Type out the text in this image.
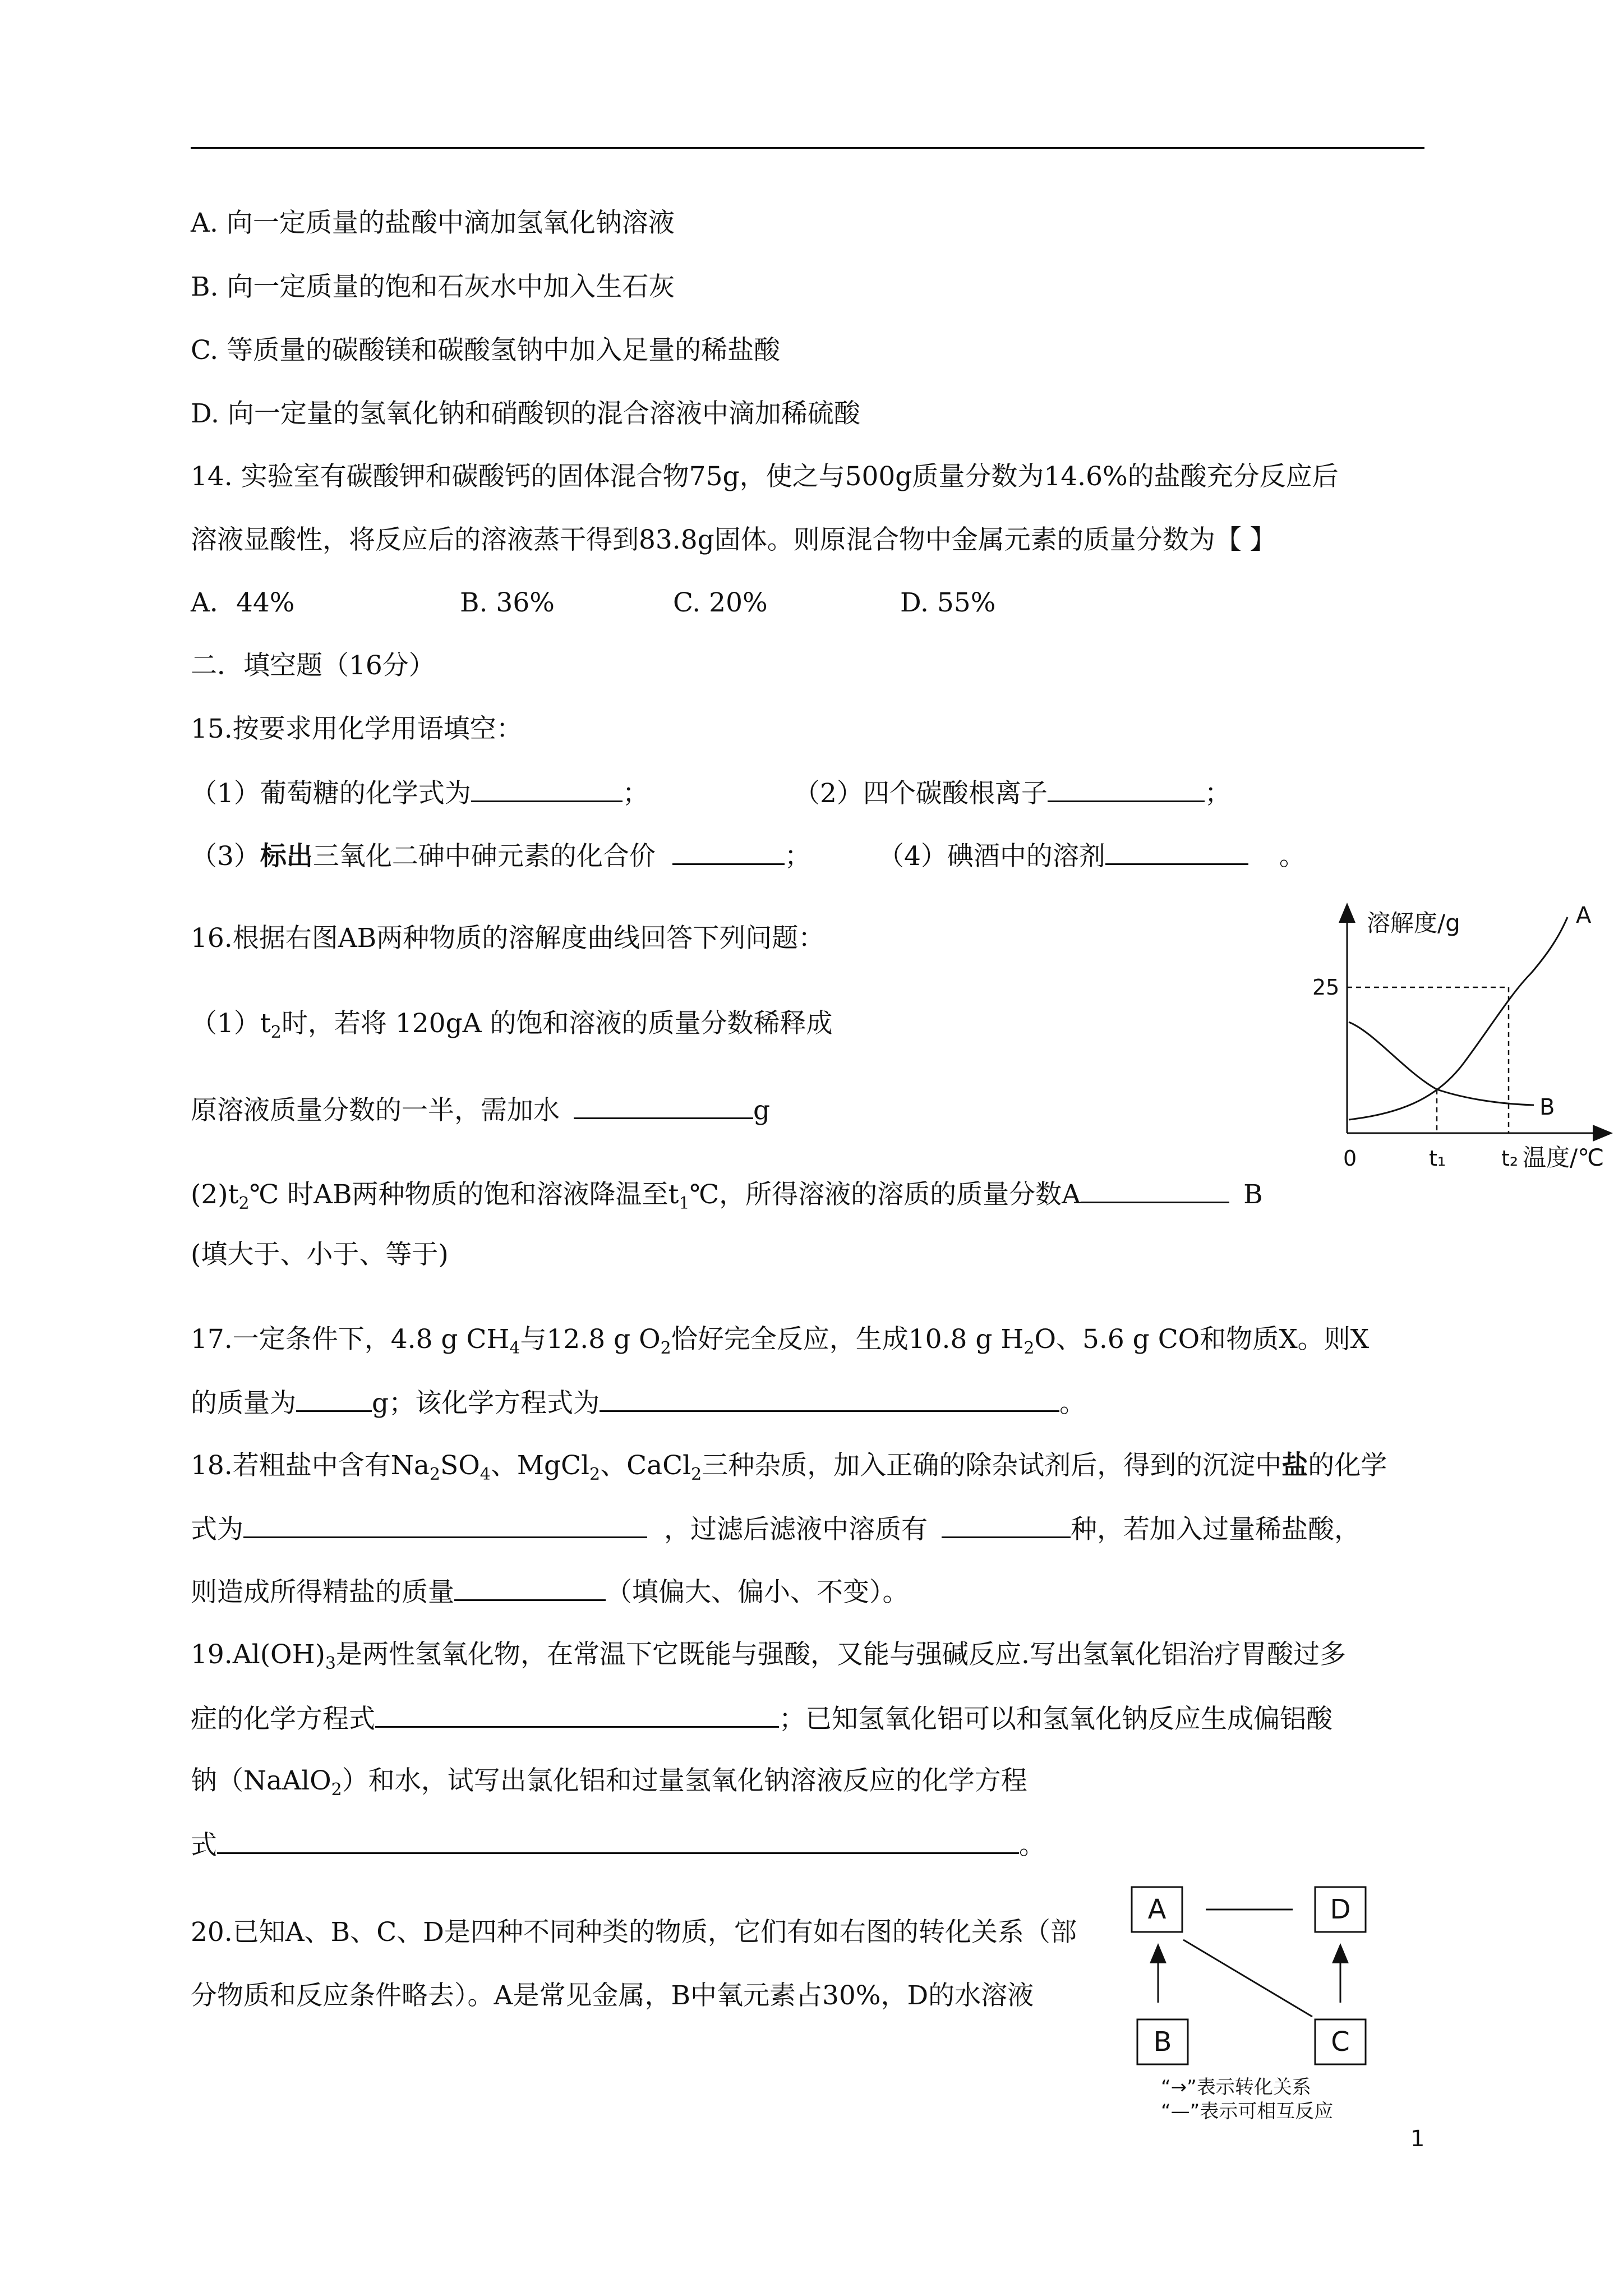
A. 向一定质量的盐酸中滴加氢氧化钠溶液
B. 向一定质量的饱和石灰水中加入生石灰
C. 等质量的碳酸镁和碳酸氢钠中加入足量的稀盐酸
D. 向一定量的氢氧化钠和硝酸钡的混合溶液中滴加稀硫酸
14. 实验室有碳酸钾和碳酸钙的固体混合物75g，使之与500g质量分数为14.6%的盐酸充分反应后
溶液显酸性，将反应后的溶液蒸干得到83.8g固体。则原混合物中金属元素的质量分数为【 】
A．44%	B. 36%	C. 20%	D. 55%
二．填空题（16分）
15.按要求用化学用语填空：
（1）葡萄糖的化学式为	；	（2）四个碳酸根离子	；
（3）标出三氧化二砷中砷元素的化合价	；	（4）碘酒中的溶剂	。
16.根据右图AB两种物质的溶解度曲线回答下列问题：
$(1)t_2$时，若将 120gA 的饱和溶液的质量分数稀释成
原溶液质量分数的一半，需加水	g
$(2)t_2℃$ 时AB两种物质的饱和溶液降温至$t_1℃$，所得溶液的溶质的质量分数A	B
(填大于、小于、等于)
溶解度/g
25
A
B
0	t₁	t₂ 温度/℃
17.一定条件下，4.8 g $CH_4$与12.8 g $O_2$恰好完全反应，生成10.8 g $H_2O$、5.6 g CO和物质X。则X
的质量为	g；该化学方程式为	。
18.若粗盐中含有$Na_2SO_4$、MgCl$_2$、CaCl$_2$三种杂质，加入正确的除杂试剂后，得到的沉淀中盐的化学
式为	，过滤后滤液中溶质有	种，若加入过量稀盐酸，
则造成所得精盐的质量	（填偏大、偏小、不变）。
$19.Al(OH)_3$是两性氢氧化物，在常温下它既能与强酸，又能与强碱反应.写出氢氧化铝治疗胃酸过多
症的化学方程式	；已知氢氧化铝可以和氢氧化钠反应生成偏铝酸
钠（NaAlO$_2$）和水，试写出氯化铝和过量氢氧化钠溶液反应的化学方程
式	。
20.已知A、B、C、D是四种不同种类的物质，它们有如右图的转化关系（部
分物质和反应条件略去）。A是常见金属，B中氧元素占30%，D的水溶液
A	D
B	C
“→”表示转化关系
“—”表示可相互反应
1
